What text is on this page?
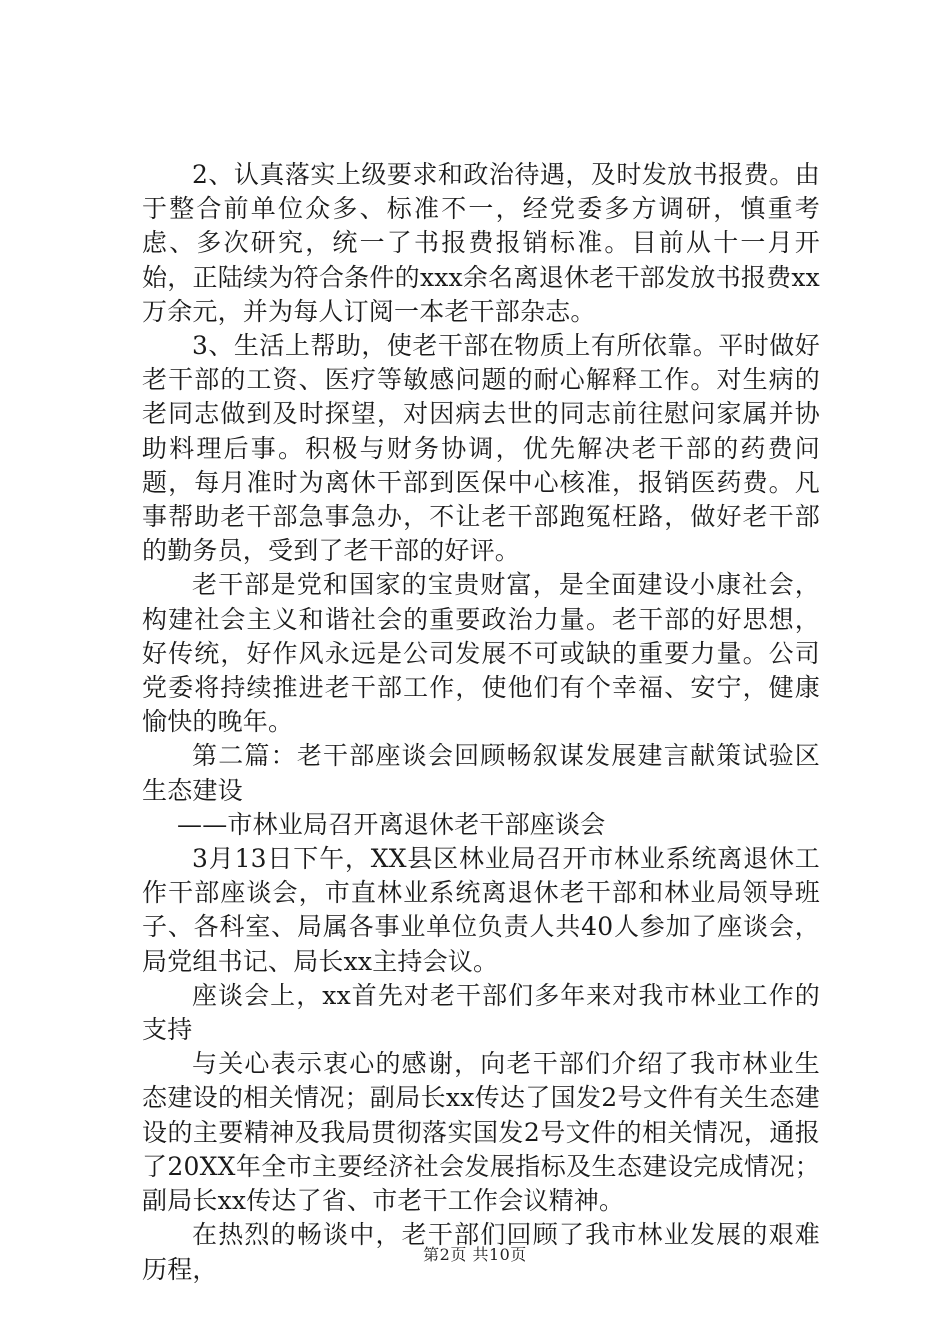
2、认真落实上级要求和政治待遇，及时发放书报费。由于整合前单位众多、标准不一，经党委多方调研，慎重考虑、多次研究，统一了书报费报销标准。目前从十一月开始，正陆续为符合条件的xxx余名离退休老干部发放书报费xx万余元，并为每人订阅一本老干部杂志。

3、生活上帮助，使老干部在物质上有所依靠。平时做好老干部的工资、医疗等敏感问题的耐心解释工作。对生病的老同志做到及时探望，对因病去世的同志前往慰问家属并协助料理后事。积极与财务协调，优先解决老干部的药费问题，每月准时为离休干部到医保中心核准，报销医药费。凡事帮助老干部急事急办，不让老干部跑冤枉路，做好老干部的勤务员，受到了老干部的好评。

老干部是党和国家的宝贵财富，是全面建设小康社会，构建社会主义和谐社会的重要政治力量。老干部的好思想，好传统，好作风永远是公司发展不可或缺的重要力量。公司党委将持续推进老干部工作，使他们有个幸福、安宁，健康愉快的晚年。

第二篇：老干部座谈会回顾畅叙谋发展建言献策试验区生态建设

——市林业局召开离退休老干部座谈会

3月13日下午，XX县区林业局召开市林业系统离退休工作干部座谈会，市直林业系统离退休老干部和林业局领导班子、各科室、局属各事业单位负责人共40人参加了座谈会，局党组书记、局长xx主持会议。

座谈会上，xx首先对老干部们多年来对我市林业工作的支持

与关心表示衷心的感谢，向老干部们介绍了我市林业生态建设的相关情况；副局长xx传达了国发2号文件有关生态建设的主要精神及我局贯彻落实国发2号文件的相关情况，通报了20XX年全市主要经济社会发展指标及生态建设完成情况；副局长xx传达了省、市老干工作会议精神。

在热烈的畅谈中，老干部们回顾了我市林业发展的艰难历程，	第2页 共10页
